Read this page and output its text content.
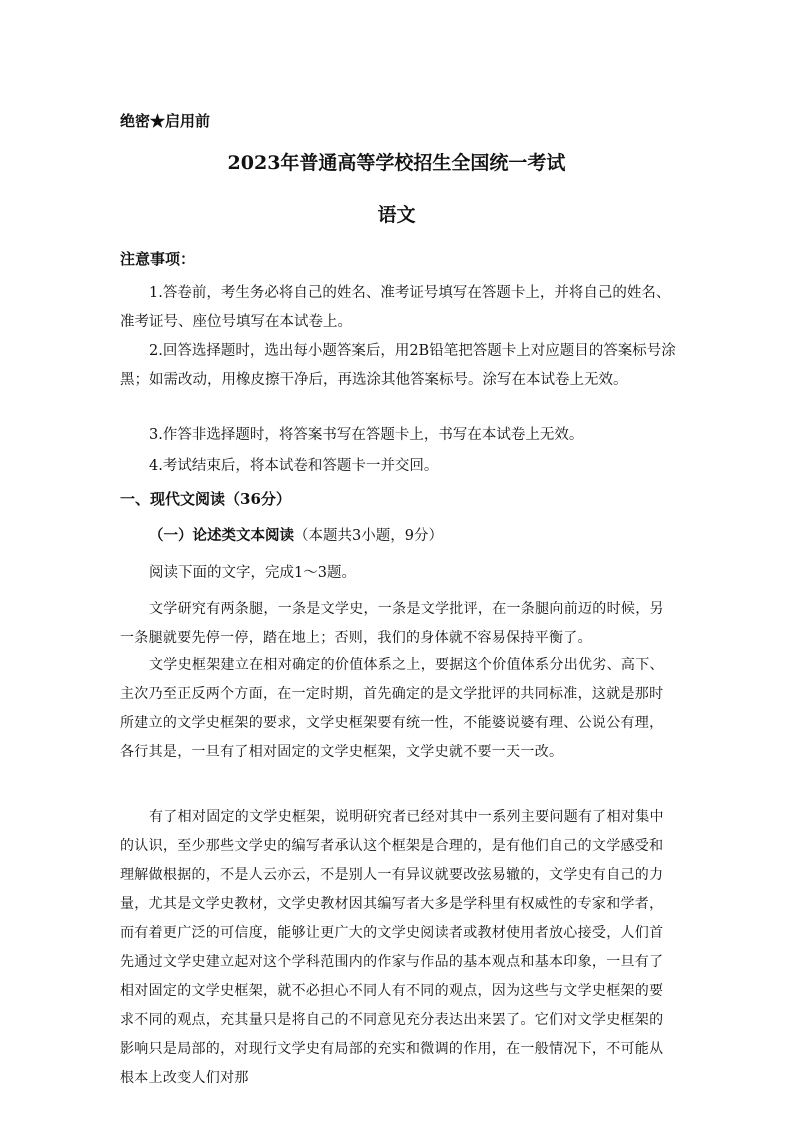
绝密★启用前
2023年普通高等学校招生全国统一考试
语文
注意事项：

1.答卷前，考生务必将自己的姓名、准考证号填写在答题卡上，并将自己的姓名、准考证号、座位号填写在本试卷上。

2.回答选择题时，选出每小题答案后，用2B铅笔把答题卡上对应题目的答案标号涂黑；如需改动，用橡皮擦干净后，再选涂其他答案标号。涂写在本试卷上无效。

3.作答非选择题时，将答案书写在答题卡上，书写在本试卷上无效。

4.考试结束后，将本试卷和答题卡一并交回。

一、现代文阅读（36分）
（一）论述类文本阅读（本题共3小题，9分）

阅读下面的文字，完成1～3题。

文学研究有两条腿，一条是文学史，一条是文学批评，在一条腿向前迈的时候，另一条腿就要先停一停，踏在地上；否则，我们的身体就不容易保持平衡了。

文学史框架建立在相对确定的价值体系之上，要据这个价值体系分出优劣、高下、主次乃至正反两个方面，在一定时期，首先确定的是文学批评的共同标准，这就是那时所建立的文学史框架的要求，文学史框架要有统一性，不能婆说婆有理、公说公有理，各行其是，一旦有了相对固定的文学史框架，文学史就不要一天一改。

有了相对固定的文学史框架，说明研究者已经对其中一系列主要问题有了相对集中的认识，至少那些文学史的编写者承认这个框架是合理的，是有他们自己的文学感受和理解做根据的，不是人云亦云，不是别人一有异议就要改弦易辙的，文学史有自己的力量，尤其是文学史教材，文学史教材因其编写者大多是学科里有权威性的专家和学者，而有着更广泛的可信度，能够让更广大的文学史阅读者或教材使用者放心接受，人们首先通过文学史建立起对这个学科范围内的作家与作品的基本观点和基本印象，一旦有了相对固定的文学史框架，就不必担心不同人有不同的观点，因为这些与文学史框架的要求不同的观点，充其量只是将自己的不同意见充分表达出来罢了。它们对文学史框架的影响只是局部的，对现行文学史有局部的充实和微调的作用，在一般情况下，不可能从根本上改变人们对那
